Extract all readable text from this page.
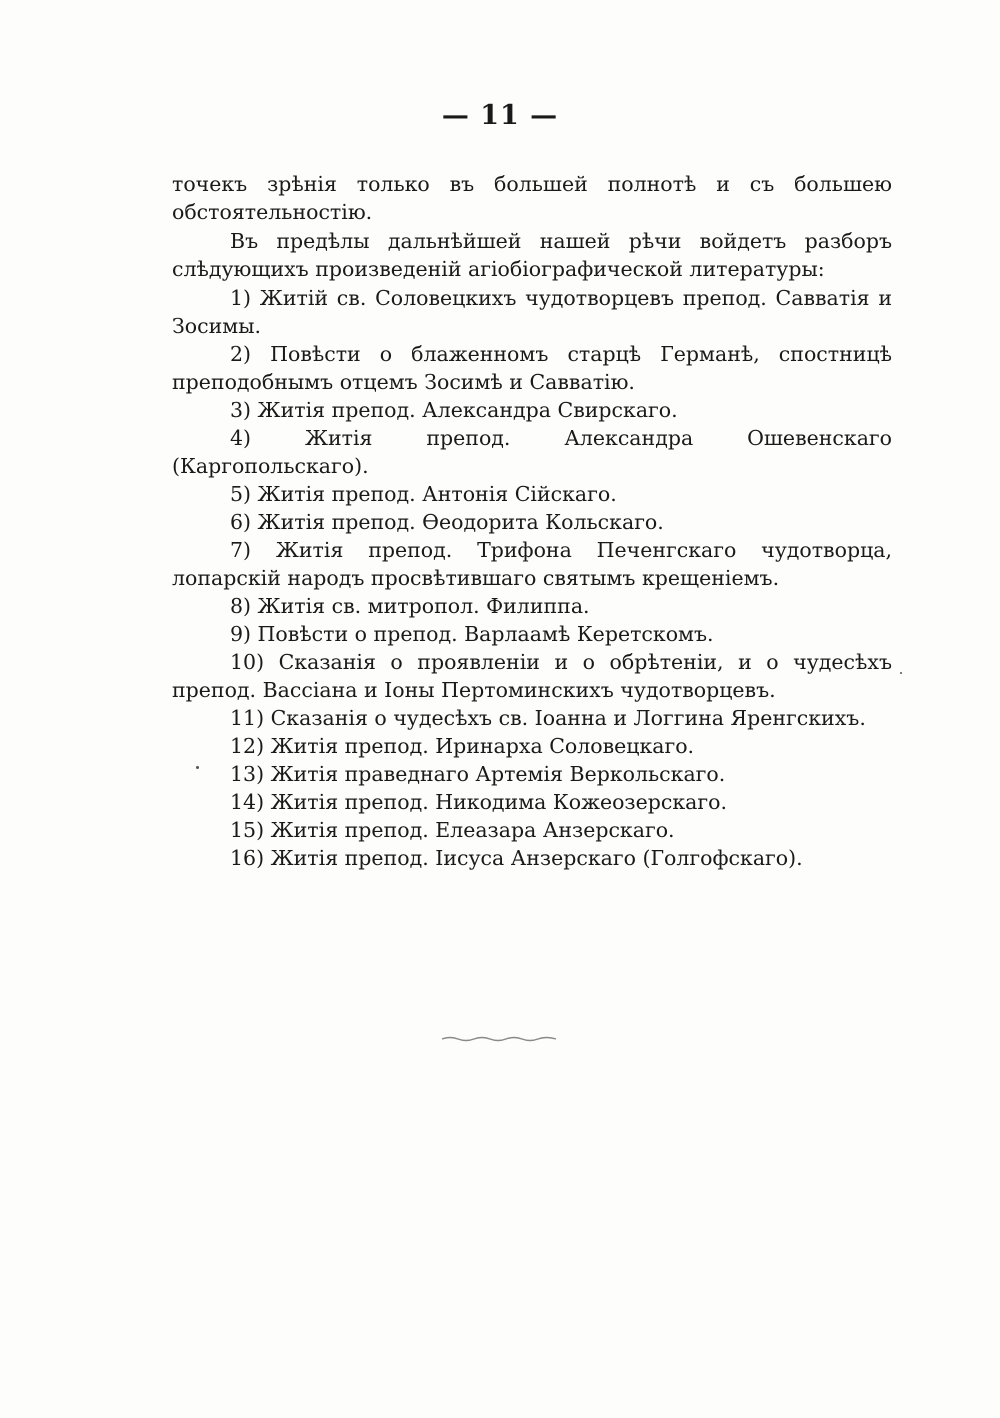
— 11 —

точекъ зрѣнія только въ большей полнотѣ и съ большею обстоятельностію.

Въ предѣлы дальнѣйшей нашей рѣчи войдетъ разборъ слѣдующихъ произведеній агіобіографической литературы:

1) Житій св. Соловецкихъ чудотворцевъ препод. Савватія и Зосимы.

2) Повѣсти о блаженномъ старцѣ Германѣ, спостницѣ преподобнымъ отцемъ Зосимѣ и Савватію.

3) Житія препод. Александра Свирскаго.

4) Житія препод. Александра Ошевенскаго (Каргопольскаго).

5) Житія препод. Антонія Сійскаго.

6) Житія препод. Ѳеодорита Кольскаго.

7) Житія препод. Трифона Печенгскаго чудотворца, лопарскій народъ просвѣтившаго святымъ крещеніемъ.

8) Житія св. митропол. Филиппа.

9) Повѣсти о препод. Варлаамѣ Керетскомъ.

10) Сказанія о проявленіи и о обрѣтеніи, и о чудесѣхъ препод. Вассіана и Іоны Пертоминскихъ чудотворцевъ.

11) Сказанія о чудесѣхъ св. Іоанна и Логгина Яренгскихъ.

12) Житія препод. Иринарха Соловецкаго.

13) Житія праведнаго Артемія Веркольскаго.

14) Житія препод. Никодима Кожеозерскаго.

15) Житія препод. Елеазара Анзерскаго.

16) Житія препод. Іисуса Анзерскаго (Голгофскаго).
